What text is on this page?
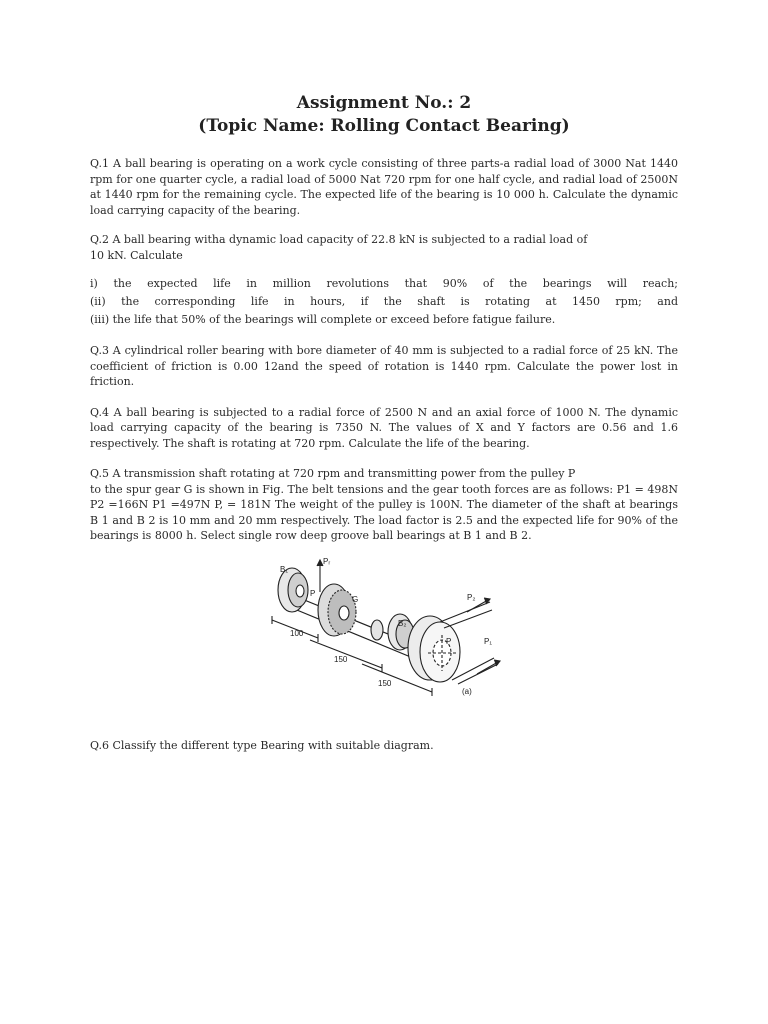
Assignment No.: 2
(Topic Name: Rolling Contact Bearing)

Q.1 A ball bearing is operating on a work cycle consisting of three parts-a radial load of 3000 Nat 1440 rpm for one quarter cycle, a radial load of 5000 Nat 720 rpm for one half cycle, and radial load of 2500N at 1440 rpm for the remaining cycle. The expected life of the bearing is 10 000 h. Calculate the dynamic load carrying capacity of the bearing.

Q.2 A ball bearing witha dynamic load capacity of 22.8 kN is subjected to a radial load of

10 kN. Calculate

i) the expected life in million revolutions that 90% of the bearings will reach;

(ii) the corresponding life in hours, if the shaft is rotating at 1450 rpm; and

(iii) the life that 50% of the bearings will complete or exceed before fatigue failure.

Q.3 A cylindrical roller bearing with bore diameter of 40 mm is subjected to a radial force of 25 kN. The coefficient of friction is 0.00 12and the speed of rotation is 1440 rpm. Calculate the power lost in friction.

Q.4 A ball bearing is subjected to a radial force of 2500 N and an axial force of 1000 N. The dynamic load carrying capacity of the bearing is 7350 N. The values of X and Y factors are 0.56 and 1.6 respectively. The shaft is rotating at 720 rpm. Calculate the life of the bearing.

Q.5 A transmission shaft rotating at 720 rpm and transmitting power from the pulley P

to the spur gear G is shown in Fig. The belt tensions and the gear tooth forces are as follows: P1 = 498N P2 =166N P1 =497N P, = 181N The weight of the pulley is 100N. The diameter of the shaft at bearings B 1 and B 2 is 10 mm and 20 mm respectively. The load factor is 2.5 and the expected life for 90% of the bearings is 8000 h. Select single row deep groove ball bearings at B 1 and B 2.

B₁
Pᵣ
P
G
B₂
P
P₂
P₁
100
150
150
(a)

Q.6 Classify the different type Bearing with suitable diagram.
